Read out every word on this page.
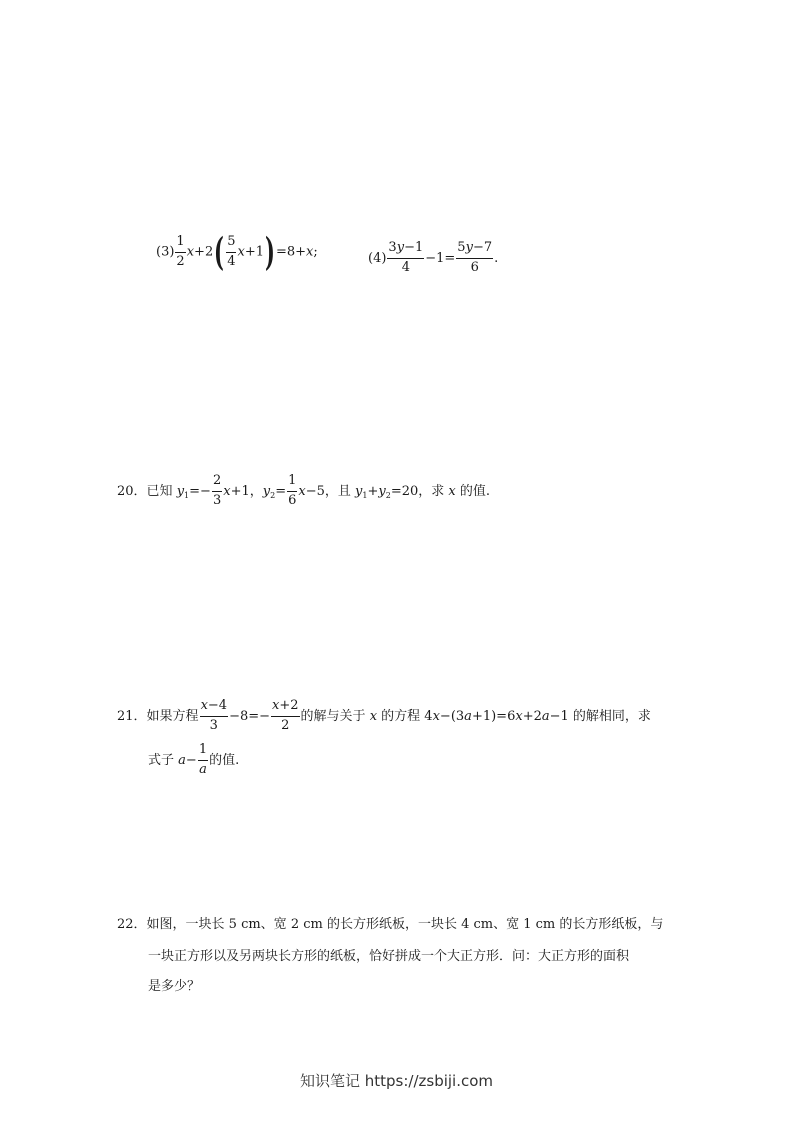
$(3) \frac{1}{2} x+2( \frac{5}{4} x+1)=8+x$;	$(4) \frac{3y-1}{4} -1= \frac{5y-7}{6}$ .
20．已知 $y_1=- \frac{2}{3} x+1$，$y_2= \frac{1}{6} x-5$，且 $y_1+y_2=20$，求 x 的值.
21．如果方程 $\frac{x-4}{3} -8=- \frac{x+2}{2}$ 的解与关于 x 的方程 4x−(3a+1)=6x+2a−1 的解相同，求
式子 $a- \frac{1}{a}$ 的值.
22．如图，一块长 5 cm、宽 2 cm 的长方形纸板，一块长 4 cm、宽 1 cm 的长方形纸板，与
一块正方形以及另两块长方形的纸板，恰好拼成一个大正方形．问：大正方形的面积
是多少？
知识笔记 https://zsbiji.com
